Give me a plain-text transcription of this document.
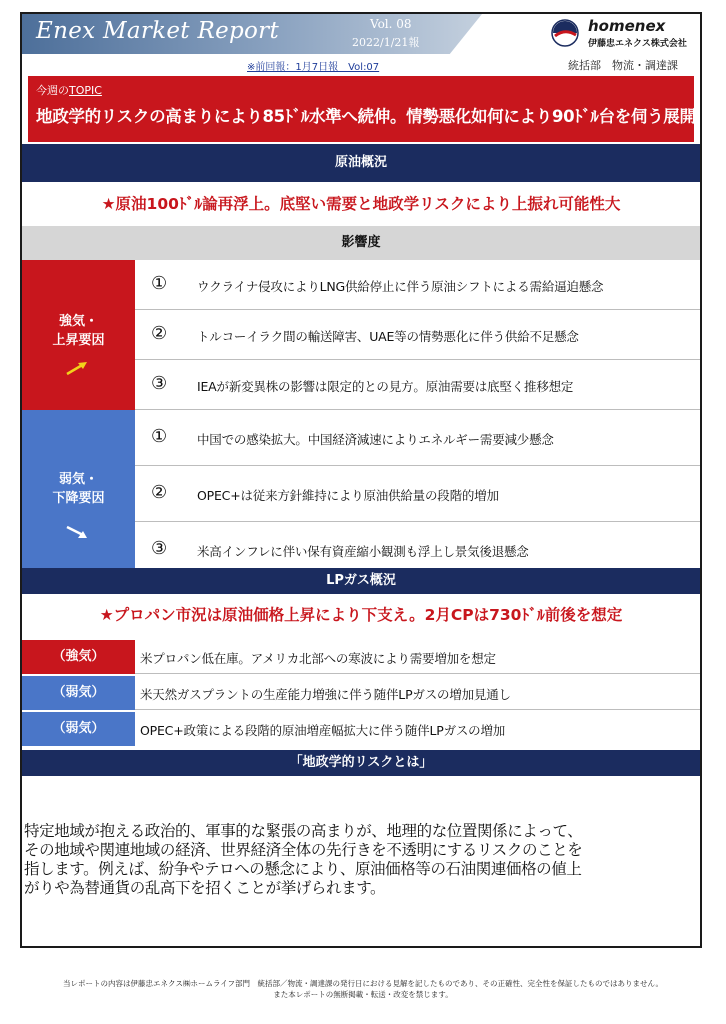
Enex Market Report	Vol. 08
2022/1/21報
homenex
伊藤忠エネクス株式会社
※前回報：1月7日報　Vol:07	統括部　物流・調達課
今週のTOPIC
地政学的リスクの高まりにより85ﾄﾞﾙ水準へ続伸。情勢悪化如何により90ﾄﾞﾙ台を伺う展開
原油概況
★原油100ﾄﾞﾙ論再浮上。底堅い需要と地政学リスクにより上振れ可能性大
影響度
強気・
上昇要因
① ウクライナ侵攻によりLNG供給停止に伴う原油シフトによる需給逼迫懸念
② トルコーイラク間の輸送障害、UAE等の情勢悪化に伴う供給不足懸念
③ IEAが新変異株の影響は限定的との見方。原油需要は底堅く推移想定
弱気・
下降要因
① 中国での感染拡大。中国経済減速によりエネルギー需要減少懸念
② OPEC+は従来方針維持により原油供給量の段階的増加
③ 米高インフレに伴い保有資産縮小観測も浮上し景気後退懸念
LPガス概況
★プロパン市況は原油価格上昇により下支え。2月CPは730ﾄﾞﾙ前後を想定
（強気）	米プロパン低在庫。アメリカ北部への寒波により需要増加を想定
（弱気）	米天然ガスプラントの生産能力増強に伴う随伴LPガスの増加見通し
（弱気）	OPEC+政策による段階的原油増産幅拡大に伴う随伴LPガスの増加
「地政学的リスクとは」
特定地域が抱える政治的、軍事的な緊張の高まりが、地理的な位置関係によって、
その地域や関連地域の経済、世界経済全体の先行きを不透明にするリスクのことを
指します。例えば、紛争やテロへの懸念により、原油価格等の石油関連価格の値上
がりや為替通貨の乱高下を招くことが挙げられます。
当レポートの内容は伊藤忠エネクス㈱ホームライフ部門　統括部／物流・調達課の発行日における見解を記したものであり、その正確性、完全性を保証したものではありません。
また本レポートの無断掲載・転送・改変を禁じます。
